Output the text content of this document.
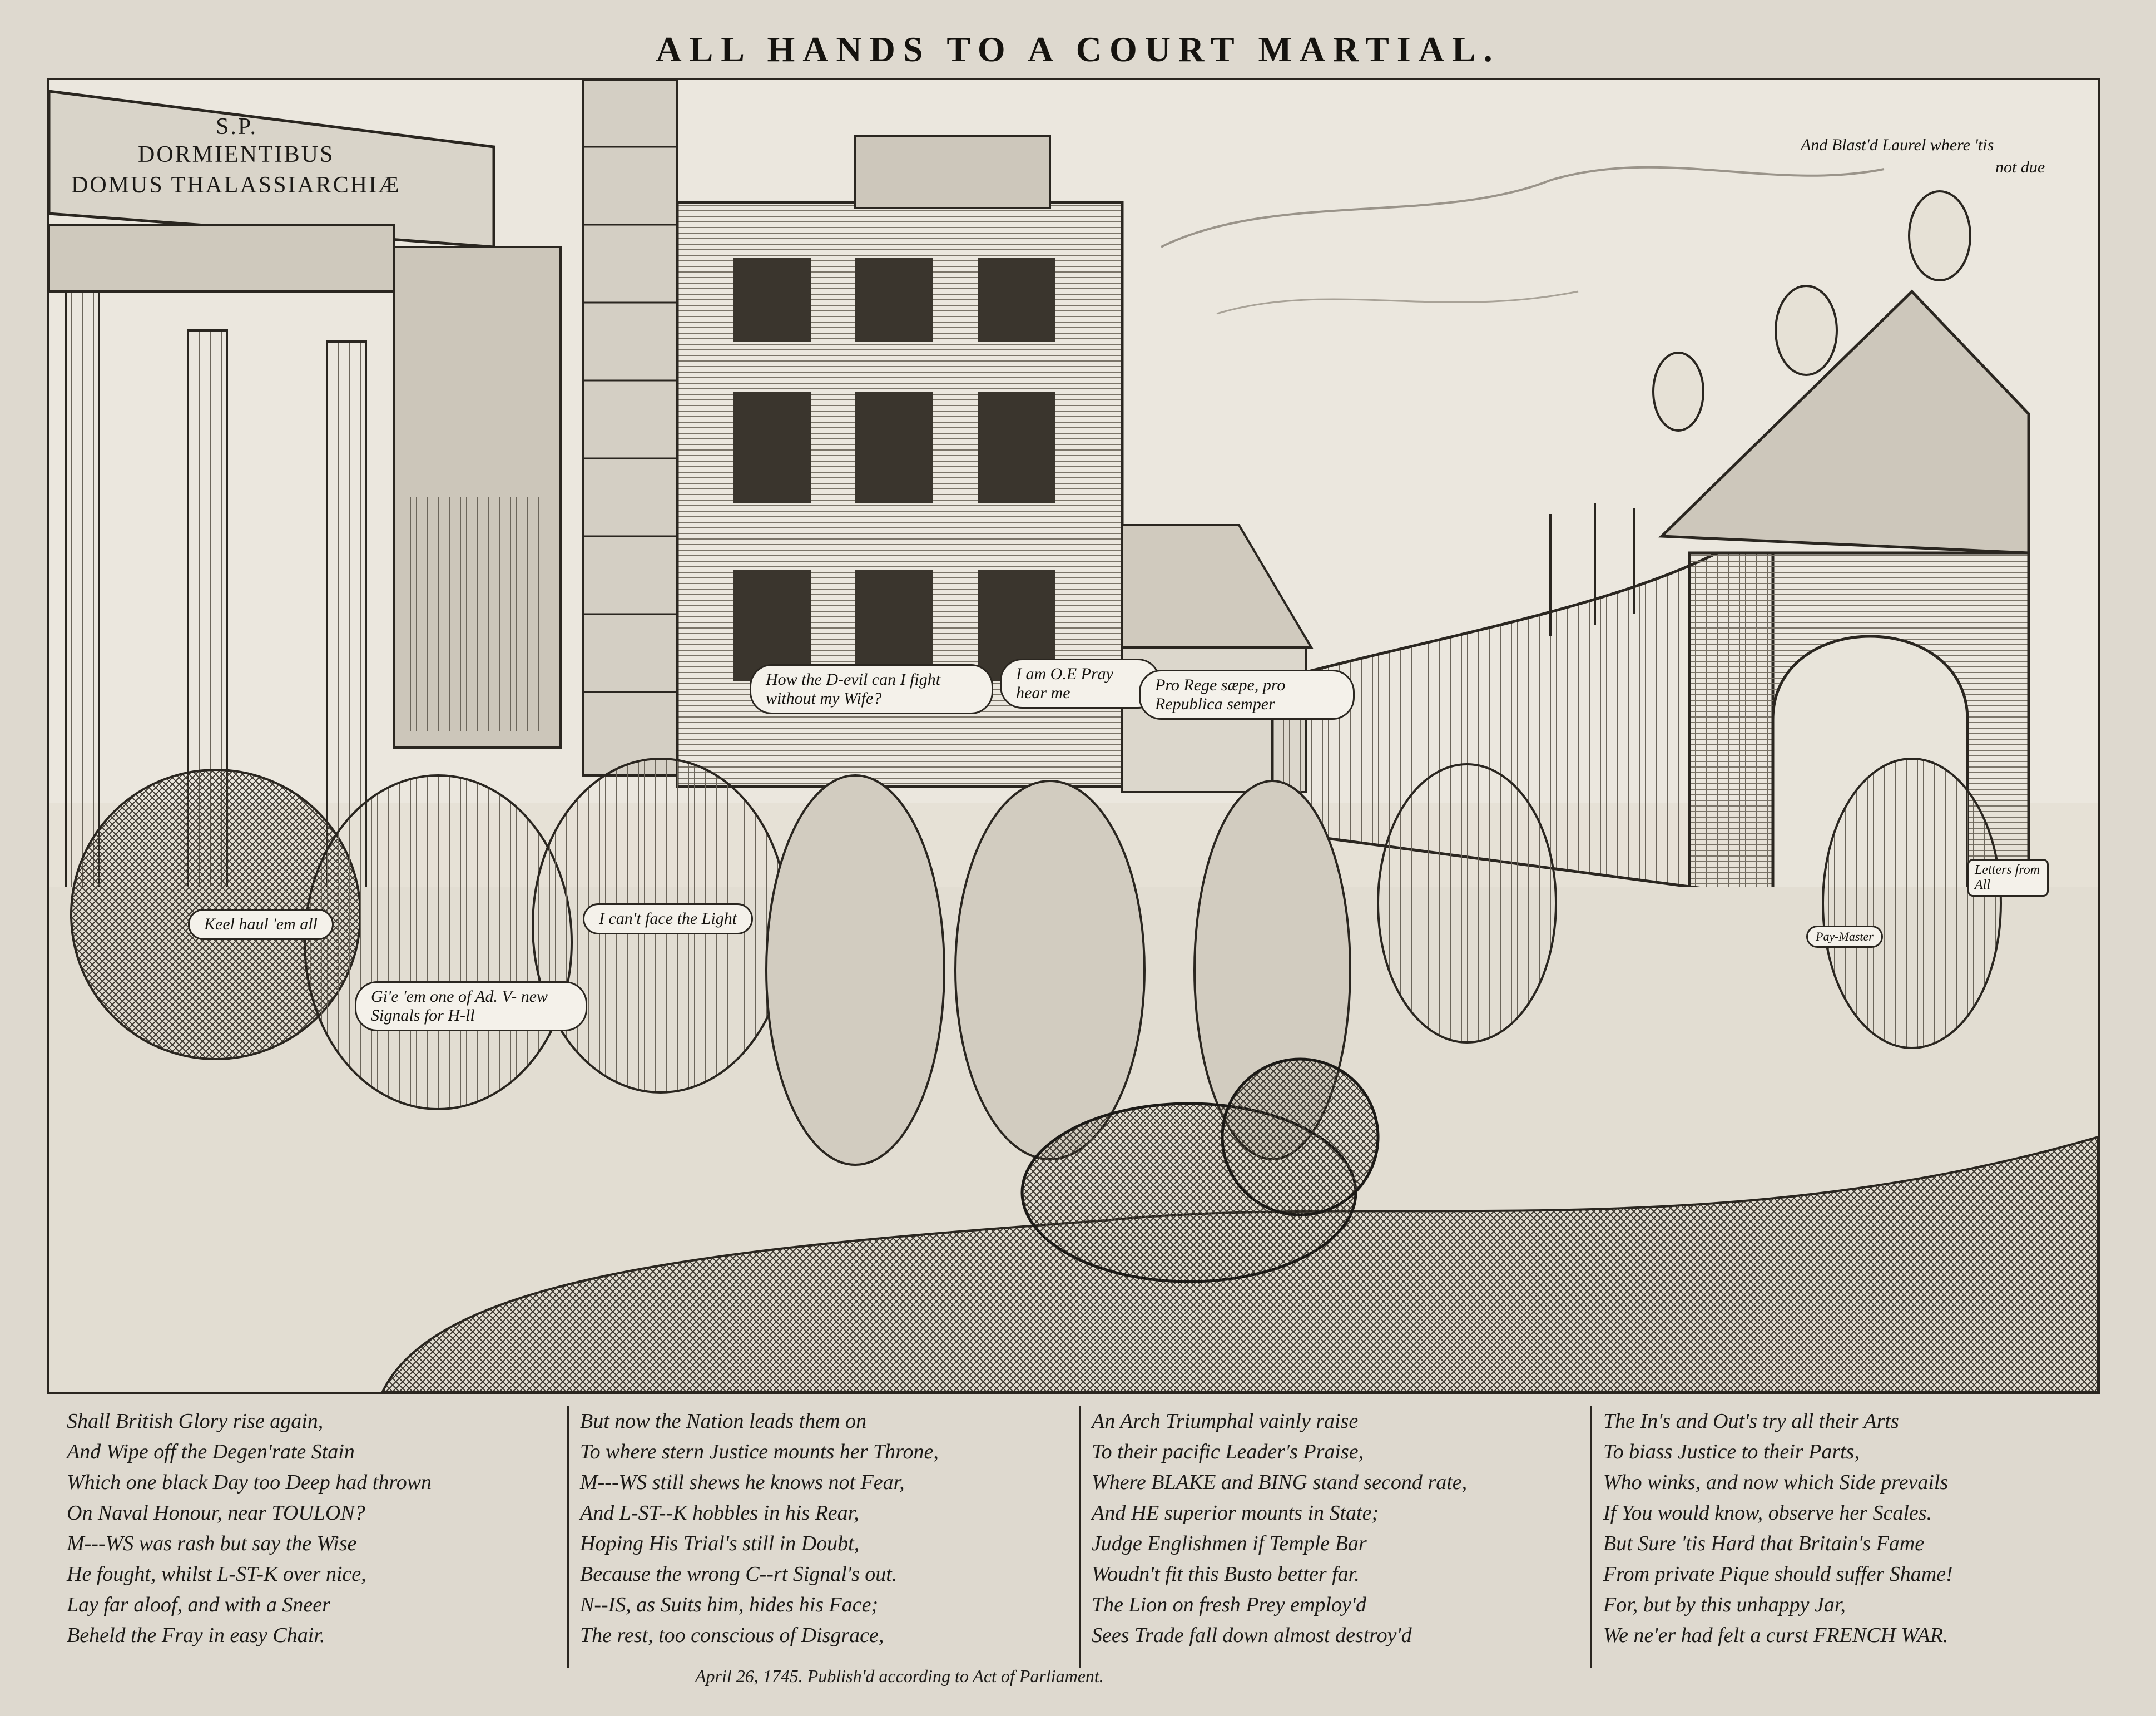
ALL HANDS TO A COURT MARTIAL.
S.P.
DORMIENTIBUS
DOMUS THALASSIARCHIÆ
And Blast'd Laurel where 'tis
not due
Keel haul 'em all
Gi'e 'em one of Ad. V- new Signals for H-ll
I can't face the Light
How the D-evil can I fight without my Wife?
I am O.E Pray hear me	Pro Rege sæpe, pro Republica semper
Letters from All
Pay-Master
Shall British Glory rise again,
And Wipe off the Degen'rate Stain
Which one black Day too Deep had thrown
On Naval Honour, near TOULON?
M---WS was rash but say the Wise
He fought, whilst L-ST-K over nice,
Lay far aloof, and with a Sneer
Beheld the Fray in easy Chair.
But now the Nation leads them on
To where stern Justice mounts her Throne,
M---WS still shews he knows not Fear,
And L-ST--K hobbles in his Rear,
Hoping His Trial's still in Doubt,
Because the wrong C--rt Signal's out.
N--IS, as Suits him, hides his Face;
The rest, too conscious of Disgrace,
An Arch Triumphal vainly raise
To their pacific Leader's Praise,
Where BLAKE and BING stand second rate,
And HE superior mounts in State;
Judge Englishmen if Temple Bar
Woudn't fit this Busto better far.
The Lion on fresh Prey employ'd
Sees Trade fall down almost destroy'd
The In's and Out's try all their Arts
To biass Justice to their Parts,
Who winks, and now which Side prevails
If You would know, observe her Scales.
But Sure 'tis Hard that Britain's Fame
From private Pique should suffer Shame!
For, but by this unhappy Jar,
We ne'er had felt a curst FRENCH WAR.
April 26, 1745. Publish'd according to Act of Parliament.
